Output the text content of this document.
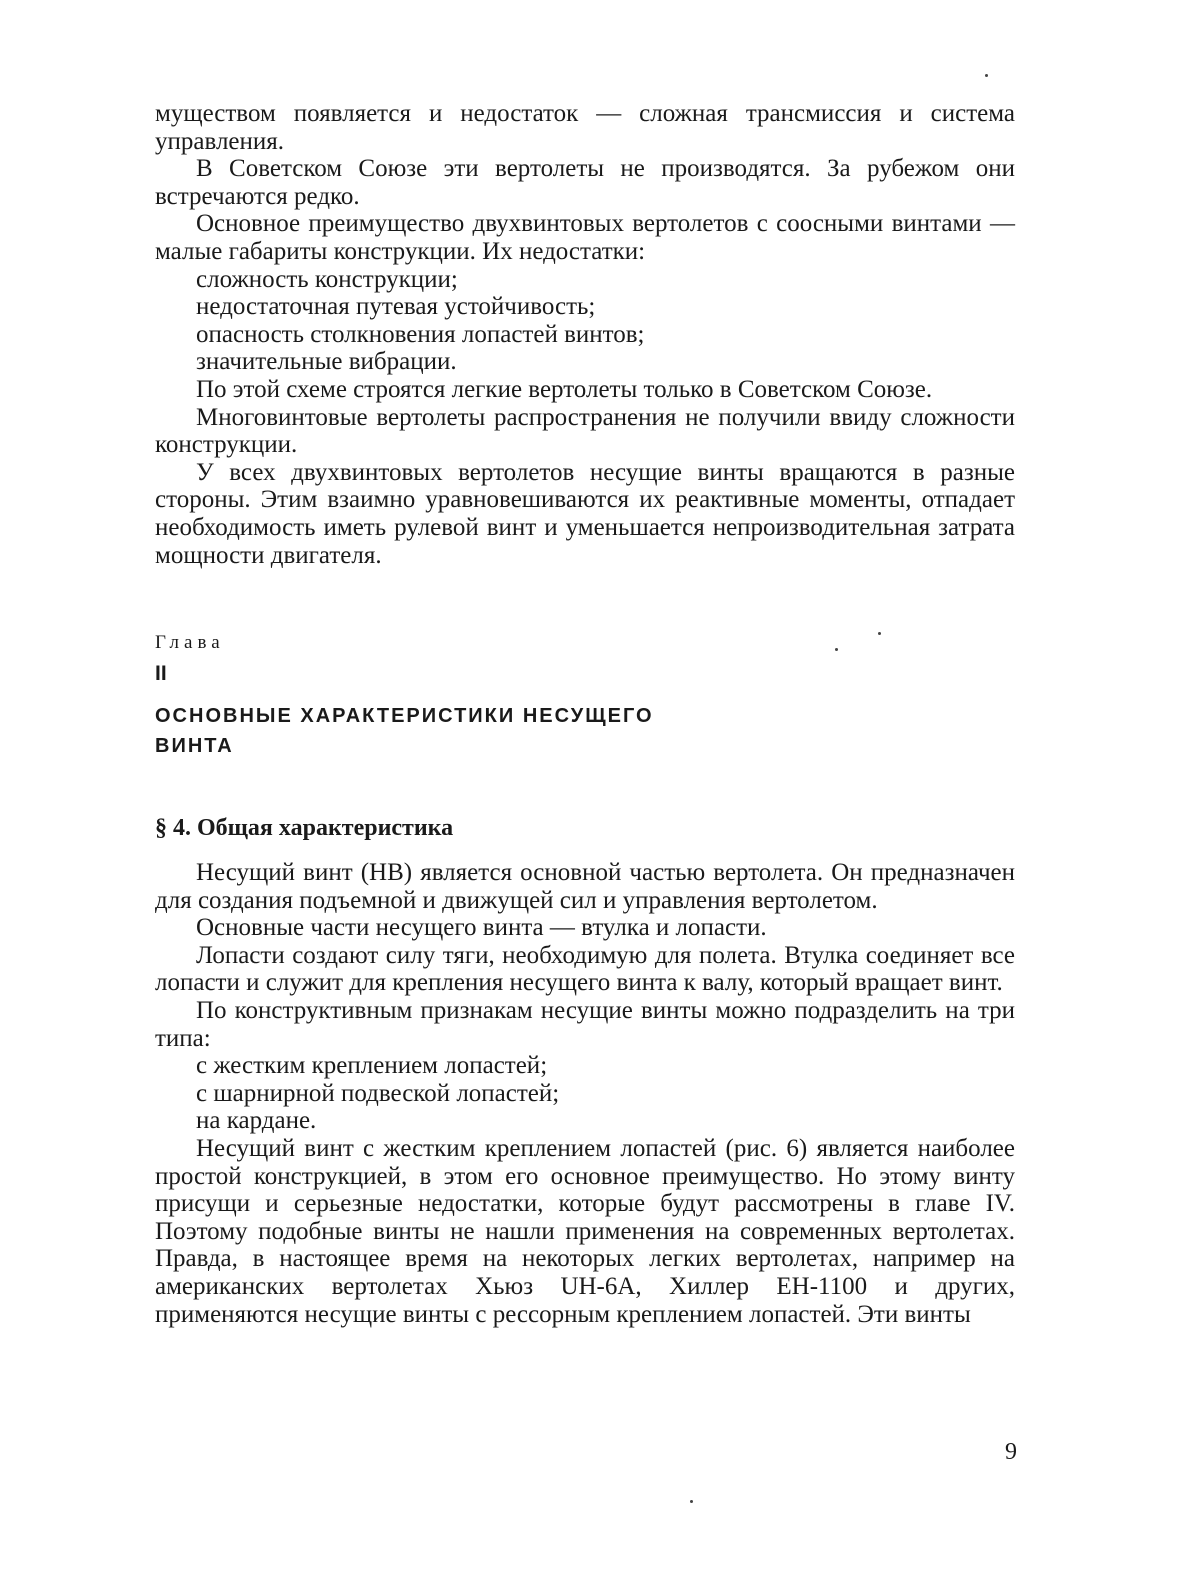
муществом появляется и недостаток — сложная трансмиссия и система управления.

В Советском Союзе эти вертолеты не производятся. За рубежом они встречаются редко.

Основное преимущество двухвинтовых вертолетов с соосными винтами — малые габариты конструкции. Их недостатки:

сложность конструкции;

недостаточная путевая устойчивость;

опасность столкновения лопастей винтов;

значительные вибрации.

По этой схеме строятся легкие вертолеты только в Советском Союзе.

Многовинтовые вертолеты распространения не получили ввиду сложности конструкции.

У всех двухвинтовых вертолетов несущие винты вращаются в разные стороны. Этим взаимно уравновешиваются их реактивные моменты, отпадает необходимость иметь рулевой винт и уменьшается непроизводительная затрата мощности двигателя.

Глава
II
ОСНОВНЫЕ ХАРАКТЕРИСТИКИ НЕСУЩЕГО
ВИНТА
§ 4. Общая характеристика

Несущий винт (НВ) является основной частью вертолета. Он предназначен для создания подъемной и движущей сил и управления вертолетом.

Основные части несущего винта — втулка и лопасти.

Лопасти создают силу тяги, необходимую для полета. Втулка соединяет все лопасти и служит для крепления несущего винта к валу, который вращает винт.

По конструктивным признакам несущие винты можно подразделить на три типа:

с жестким креплением лопастей;

с шарнирной подвеской лопастей;

на кардане.

Несущий винт с жестким креплением лопастей (рис. 6) является наиболее простой конструкцией, в этом его основное преимущество. Но этому винту присущи и серьезные недостатки, которые будут рассмотрены в главе IV. Поэтому подобные винты не нашли применения на современных вертолетах. Правда, в настоящее время на некоторых легких вертолетах, например на американских вертолетах Хьюз UH-6A, Хиллер ЕН-1100 и других, применяются несущие винты с рессорным креплением лопастей. Эти винты

9
